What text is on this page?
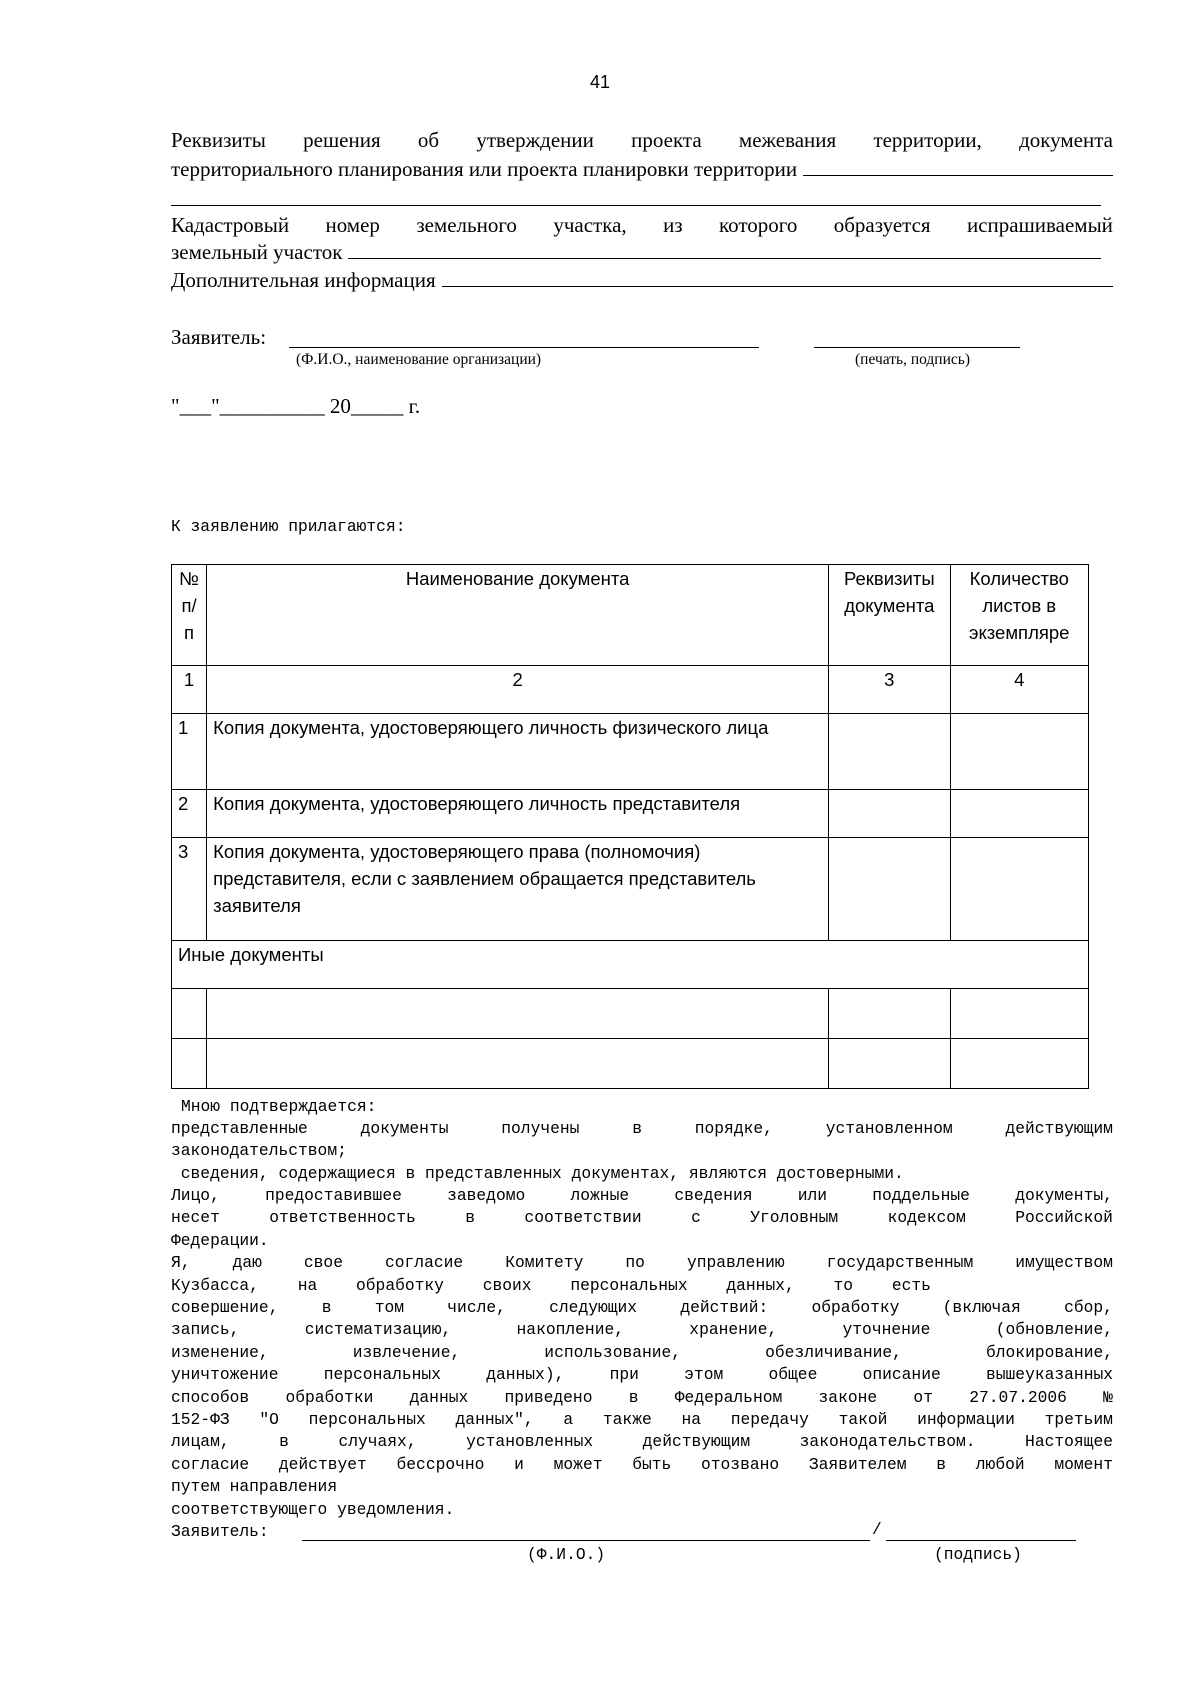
41
Реквизиты решения об утверждении проекта межевания территории, документа
территориального планирования или проекта планировки территории
Кадастровый номер земельного участка, из которого образуется испрашиваемый
земельный участок
Дополнительная информация
Заявитель:
(Ф.И.О., наименование организации)	(печать, подпись)
"___"__________ 20_____ г.
К заявлению прилагаются:
№ п/п	Наименование документа	Реквизиты документа	Количество листов в экземпляре
1	2	3	4
1	Копия документа, удостоверяющего личность физического лица		
2	Копия документа, удостоверяющего личность представителя		
3	Копия документа, удостоверяющего права (полномочия) представителя, если с заявлением обращается представитель заявителя		
Иные документы			

Мною подтверждается:
представленные	документы	получены	в	порядке,	установленном	действующим
законодательством;
сведения, содержащиеся в представленных документах, являются достоверными.
Лицо,	предоставившее	заведомо	ложные	сведения	или	поддельные	документы,
несет	ответственность	в	соответствии	с	Уголовным	кодексом	Российской
Федерации.
Я,	даю	свое	согласие	Комитету	по	управлению	государственным	имуществом
Кузбасса, на обработку своих персональных данных, то есть
совершение,	в	том	числе,	следующих	действий:	обработку	(включая	сбор,
запись,	систематизацию,	накопление,	хранение,	уточнение	(обновление,
изменение,	извлечение,	использование,	обезличивание,	блокирование,
уничтожение	персональных	данных),	при	этом	общее	описание	вышеуказанных
способов обработки данных приведено в Федеральном законе от 27.07.2006 №
152-ФЗ "О персональных данных", а также на передачу такой информации третьим
лицам,	в	случаях,	установленных	действующим	законодательством.	Настоящее
согласие действует бессрочно и может быть отозвано Заявителем в любой момент
путем направления
соответствующего уведомления.
Заявитель:	/
(Ф.И.О.)	(подпись)
